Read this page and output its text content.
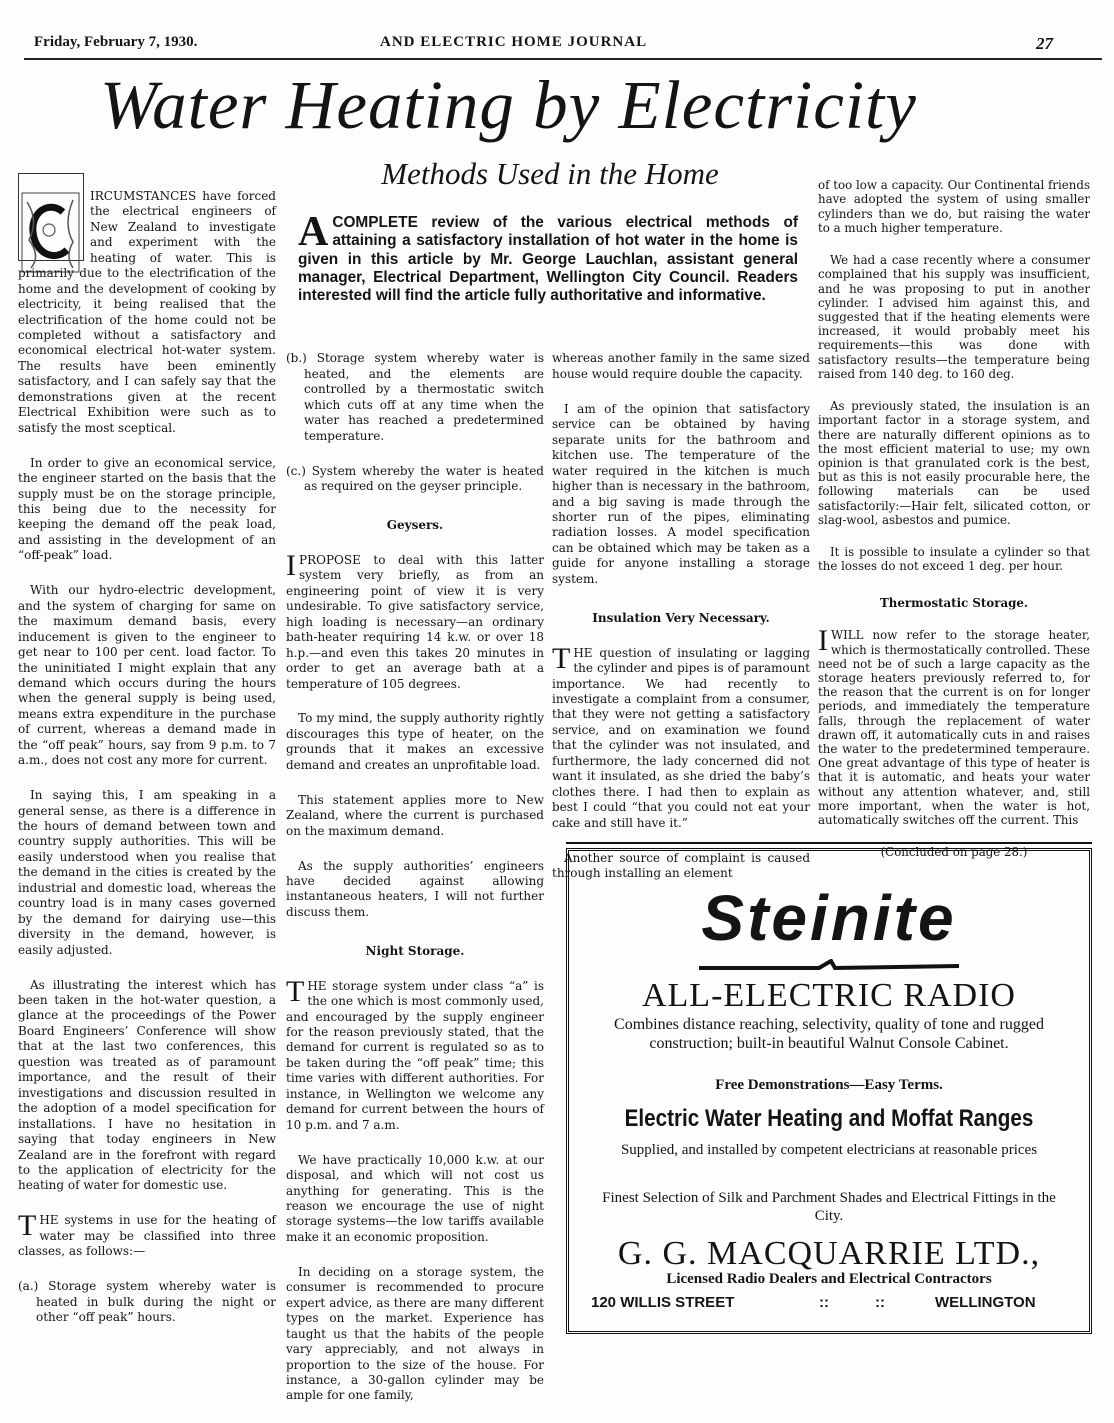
Friday, February 7, 1930.	AND ELECTRIC HOME JOURNAL	27
Water Heating by Electricity
Methods Used in the Home
ACOMPLETE review of the various electrical methods of attaining a satisfactory installation of hot water in the home is given in this article by Mr. George Lauchlan, assistant general manager, Electrical Department, Wellington City Council. Readers interested will find the article fully authoritative and informative.

IRCUMSTANCES have forced the electrical engineers of New Zealand to investigate and experiment with the heating of water. This is primarily due to the electrification of the home and the development of cooking by electricity, it being realised that the electrification of the home could not be completed without a satisfactory and economical electrical hot-water system. The results have been eminently satisfactory, and I can safely say that the demonstrations given at the recent Electrical Exhibition were such as to satisfy the most sceptical.

In order to give an economical service, the engineer started on the basis that the supply must be on the storage principle, this being due to the necessity for keeping the demand off the peak load, and assisting in the development of an “off-peak” load.

With our hydro-electric development, and the system of charging for same on the maximum demand basis, every inducement is given to the engineer to get near to 100 per cent. load factor. To the uninitiated I might explain that any demand which occurs during the hours when the general supply is being used, means extra expenditure in the purchase of current, whereas a demand made in the “off peak” hours, say from 9 p.m. to 7 a.m., does not cost any more for current.

In saying this, I am speaking in a general sense, as there is a difference in the hours of demand between town and country supply authorities. This will be easily understood when you realise that the demand in the cities is created by the industrial and domestic load, whereas the country load is in many cases governed by the demand for dairying use—this diversity in the demand, however, is easily adjusted.

As illustrating the interest which has been taken in the hot-water question, a glance at the proceedings of the Power Board Engineers’ Conference will show that at the last two conferences, this question was treated as of paramount importance, and the result of their investigations and discussion resulted in the adoption of a model specification for installations. I have no hesitation in saying that today engineers in New Zealand are in the forefront with regard to the application of electricity for the heating of water for domestic use.

THE systems in use for the heating of water may be classified into three classes, as follows:—

(a.) Storage system whereby water is heated in bulk during the night or other “off peak” hours.

(b.) Storage system whereby water is heated, and the elements are controlled by a thermostatic switch which cuts off at any time when the water has reached a predetermined temperature.

(c.) System whereby the water is heated as required on the geyser principle.

Geysers.

IPROPOSE to deal with this latter system very briefly, as from an engineering point of view it is very undesirable. To give satisfactory service, high loading is necessary—an ordinary bath-heater requiring 14 k.w. or over 18 h.p.—and even this takes 20 minutes in order to get an average bath at a temperature of 105 degrees.

To my mind, the supply authority rightly discourages this type of heater, on the grounds that it makes an excessive demand and creates an unprofitable load.

This statement applies more to New Zealand, where the current is purchased on the maximum demand.

As the supply authorities’ engineers have decided against allowing instantaneous heaters, I will not further discuss them.

Night Storage.

THE storage system under class “a” is the one which is most commonly used, and encouraged by the supply engineer for the reason previously stated, that the demand for current is regulated so as to be taken during the “off peak” time; this time varies with different authorities. For instance, in Wellington we welcome any demand for current between the hours of 10 p.m. and 7 a.m.

We have practically 10,000 k.w. at our disposal, and which will not cost us anything for generating. This is the reason we encourage the use of night storage systems—the low tariffs available make it an economic proposition.

In deciding on a storage system, the consumer is recommended to procure expert advice, as there are many different types on the market. Experience has taught us that the habits of the people vary appreciably, and not always in proportion to the size of the house. For instance, a 30-gallon cylinder may be ample for one family,

whereas another family in the same sized house would require double the capacity.

I am of the opinion that satisfactory service can be obtained by having separate units for the bathroom and kitchen use. The temperature of the water required in the kitchen is much higher than is necessary in the bathroom, and a big saving is made through the shorter run of the pipes, eliminating radiation losses. A model specification can be obtained which may be taken as a guide for anyone installing a storage system.

Insulation Very Necessary.

THE question of insulating or lagging the cylinder and pipes is of paramount importance. We had recently to investigate a complaint from a consumer, that they were not getting a satisfactory service, and on examination we found that the cylinder was not insulated, and furthermore, the lady concerned did not want it insulated, as she dried the baby’s clothes there. I had then to explain as best I could “that you could not eat your cake and still have it.”

Another source of complaint is caused through installing an element

of too low a capacity. Our Continental friends have adopted the system of using smaller cylinders than we do, but raising the water to a much higher temperature.

We had a case recently where a consumer complained that his supply was insufficient, and he was proposing to put in another cylinder. I advised him against this, and suggested that if the heating elements were increased, it would probably meet his requirements—this was done with satisfactory results—the temperature being raised from 140 deg. to 160 deg.

As previously stated, the insulation is an important factor in a storage system, and there are naturally different opinions as to the most efficient material to use; my own opinion is that granulated cork is the best, but as this is not easily procurable here, the following materials can be used satisfactorily:—Hair felt, silicated cotton, or slag-wool, asbestos and pumice.

It is possible to insulate a cylinder so that the losses do not exceed 1 deg. per hour.

Thermostatic Storage.

IWILL now refer to the storage heater, which is thermostatically controlled. These need not be of such a large capacity as the storage heaters previously referred to, for the reason that the current is on for longer periods, and immediately the temperature falls, through the replacement of water drawn off, it automatically cuts in and raises the water to the predetermined temperaure. One great advantage of this type of heater is that it is automatic, and heats your water without any attention whatever, and, still more important, when the water is hot, automatically switches off the current. This

(Concluded on page 28.)

Steinite
ALL-ELECTRIC RADIO
Combines distance reaching, selectivity, quality of tone and rugged construction; built-in beautiful Walnut Console Cabinet.
Free Demonstrations—Easy Terms.
Electric Water Heating and Moffat Ranges
Supplied, and installed by competent electricians at reasonable prices
Finest Selection of Silk and Parchment Shades and Electrical Fittings in the City.
G. G. MACQUARRIE LTD.,
Licensed Radio Dealers and Electrical Contractors
120 WILLIS STREET	::	::	WELLINGTON
